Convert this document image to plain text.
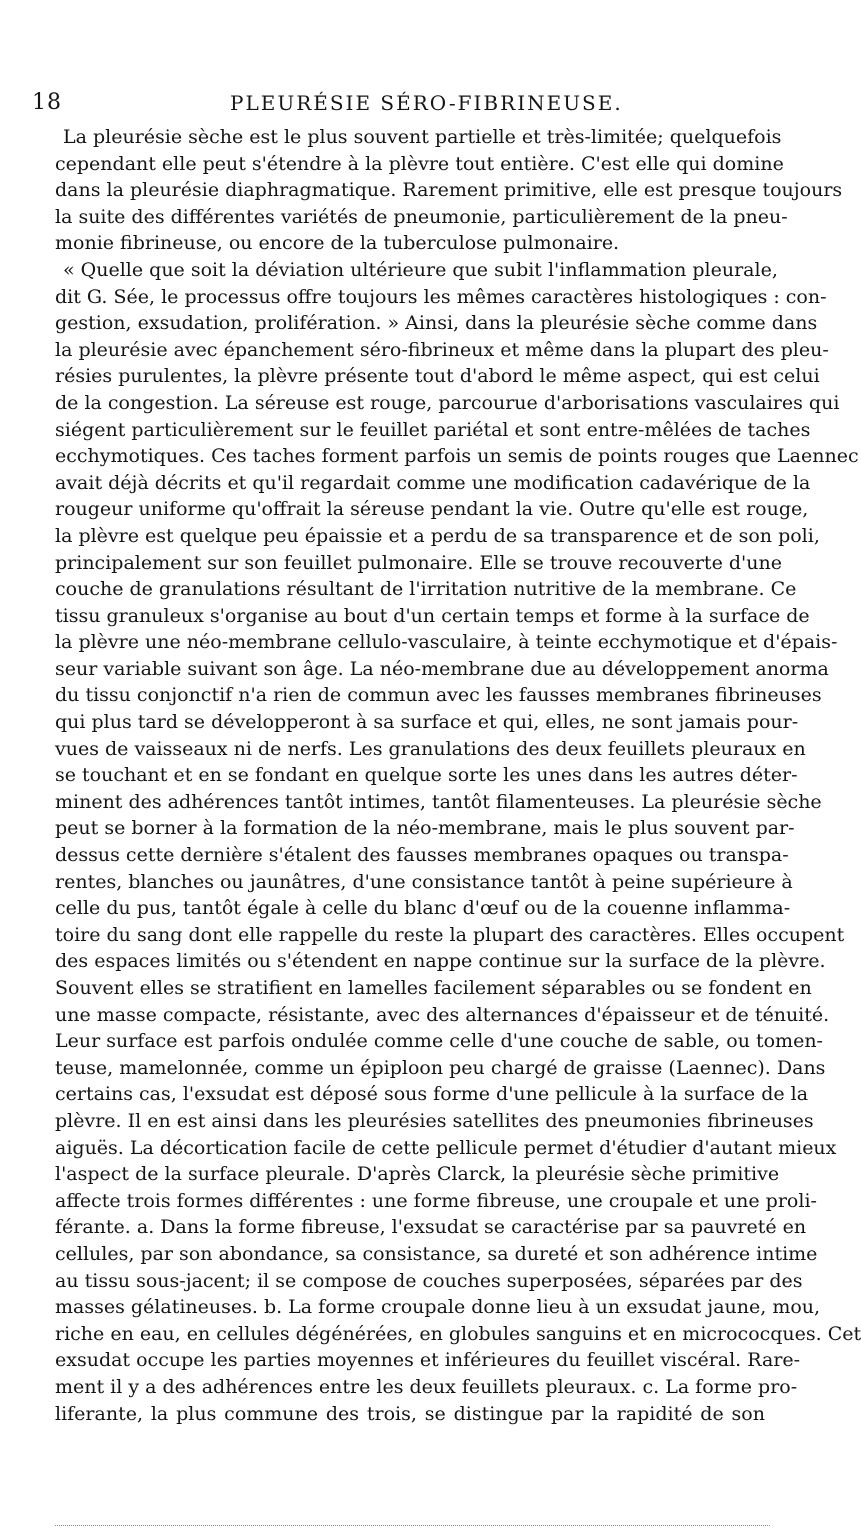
18	PLEURÉSIE SÉRO-FIBRINEUSE.
La pleurésie sèche est le plus souvent partielle et très-limitée; quelquefois
cependant elle peut s'étendre à la plèvre tout entière. C'est elle qui domine
dans la pleurésie diaphragmatique. Rarement primitive, elle est presque toujours
la suite des différentes variétés de pneumonie, particulièrement de la pneu-
monie fibrineuse, ou encore de la tuberculose pulmonaire.
« Quelle que soit la déviation ultérieure que subit l'inflammation pleurale,
dit G. Sée, le processus offre toujours les mêmes caractères histologiques : con-
gestion, exsudation, prolifération. » Ainsi, dans la pleurésie sèche comme dans
la pleurésie avec épanchement séro-fibrineux et même dans la plupart des pleu-
résies purulentes, la plèvre présente tout d'abord le même aspect, qui est celui
de la congestion. La séreuse est rouge, parcourue d'arborisations vasculaires qui
siégent particulièrement sur le feuillet pariétal et sont entre-mêlées de taches
ecchymotiques. Ces taches forment parfois un semis de points rouges que Laennec
avait déjà décrits et qu'il regardait comme une modification cadavérique de la
rougeur uniforme qu'offrait la séreuse pendant la vie. Outre qu'elle est rouge,
la plèvre est quelque peu épaissie et a perdu de sa transparence et de son poli,
principalement sur son feuillet pulmonaire. Elle se trouve recouverte d'une
couche de granulations résultant de l'irritation nutritive de la membrane. Ce
tissu granuleux s'organise au bout d'un certain temps et forme à la surface de
la plèvre une néo-membrane cellulo-vasculaire, à teinte ecchymotique et d'épais-
seur variable suivant son âge. La néo-membrane due au développement anorma
du tissu conjonctif n'a rien de commun avec les fausses membranes fibrineuses
qui plus tard se développeront à sa surface et qui, elles, ne sont jamais pour-
vues de vaisseaux ni de nerfs. Les granulations des deux feuillets pleuraux en
se touchant et en se fondant en quelque sorte les unes dans les autres déter-
minent des adhérences tantôt intimes, tantôt filamenteuses. La pleurésie sèche
peut se borner à la formation de la néo-membrane, mais le plus souvent par-
dessus cette dernière s'étalent des fausses membranes opaques ou transpa-
rentes, blanches ou jaunâtres, d'une consistance tantôt à peine supérieure à
celle du pus, tantôt égale à celle du blanc d'œuf ou de la couenne inflamma-
toire du sang dont elle rappelle du reste la plupart des caractères. Elles occupent
des espaces limités ou s'étendent en nappe continue sur la surface de la plèvre.
Souvent elles se stratifient en lamelles facilement séparables ou se fondent en
une masse compacte, résistante, avec des alternances d'épaisseur et de ténuité.
Leur surface est parfois ondulée comme celle d'une couche de sable, ou tomen-
teuse, mamelonnée, comme un épiploon peu chargé de graisse (Laennec). Dans
certains cas, l'exsudat est déposé sous forme d'une pellicule à la surface de la
plèvre. Il en est ainsi dans les pleurésies satellites des pneumonies fibrineuses
aiguës. La décortication facile de cette pellicule permet d'étudier d'autant mieux
l'aspect de la surface pleurale. D'après Clarck, la pleurésie sèche primitive
affecte trois formes différentes : une forme fibreuse, une croupale et une proli-
férante. a. Dans la forme fibreuse, l'exsudat se caractérise par sa pauvreté en
cellules, par son abondance, sa consistance, sa dureté et son adhérence intime
au tissu sous-jacent; il se compose de couches superposées, séparées par des
masses gélatineuses. b. La forme croupale donne lieu à un exsudat jaune, mou,
riche en eau, en cellules dégénérées, en globules sanguins et en micrococques. Cet
exsudat occupe les parties moyennes et inférieures du feuillet viscéral. Rare-
ment il y a des adhérences entre les deux feuillets pleuraux. c. La forme pro-
liferante, la plus commune des trois, se distingue par la rapidité de son
